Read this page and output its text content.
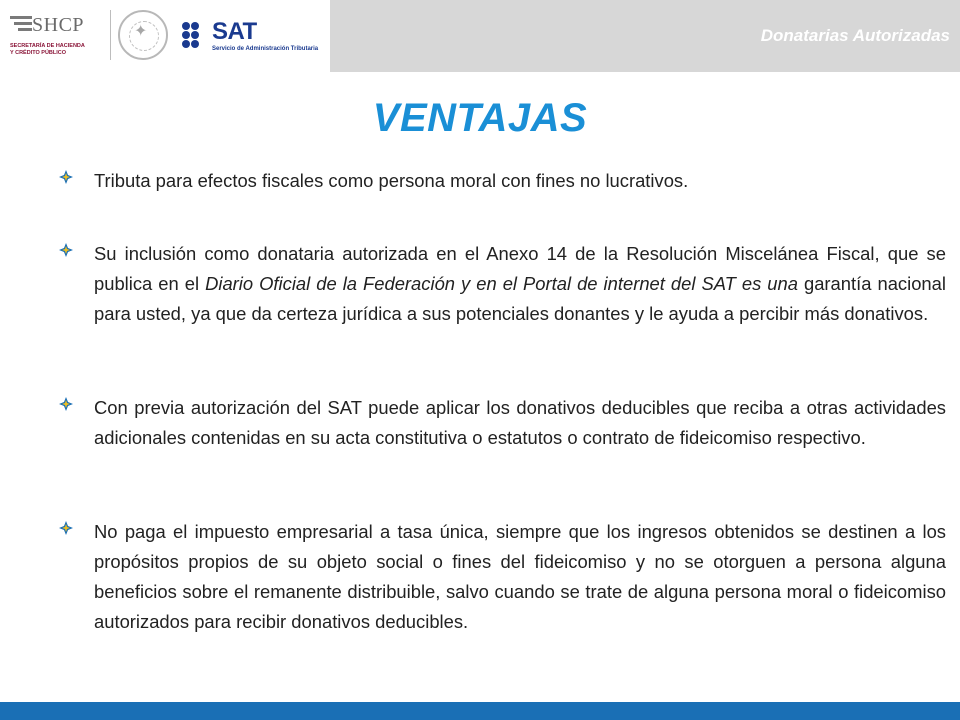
SHCP
SECRETARÍA DE HACIENDA
Y CRÉDITO PÚBLICO
✦	SAT
Servicio de Administración Tributaria
Donatarias Autorizadas
VENTAJAS

Tributa para efectos fiscales como persona moral con fines no lucrativos.

Su inclusión como donataria autorizada en el Anexo 14 de la Resolución Miscelánea Fiscal, que se publica en el Diario Oficial de la Federación y en el Portal de internet del SAT es una garantía nacional para usted, ya que da certeza jurídica a sus potenciales donantes y le ayuda a percibir más donativos.

Con previa autorización del SAT puede aplicar los donativos deducibles que reciba a otras actividades adicionales contenidas en su acta constitutiva o estatutos o contrato de fideicomiso respectivo.

No paga el impuesto empresarial a tasa única, siempre que los ingresos obtenidos se destinen a los propósitos propios de su objeto social o fines del fideicomiso y no se otorguen a persona alguna beneficios sobre el remanente distribuible, salvo cuando se trate de alguna persona moral o fideicomiso autorizados para recibir donativos deducibles.
